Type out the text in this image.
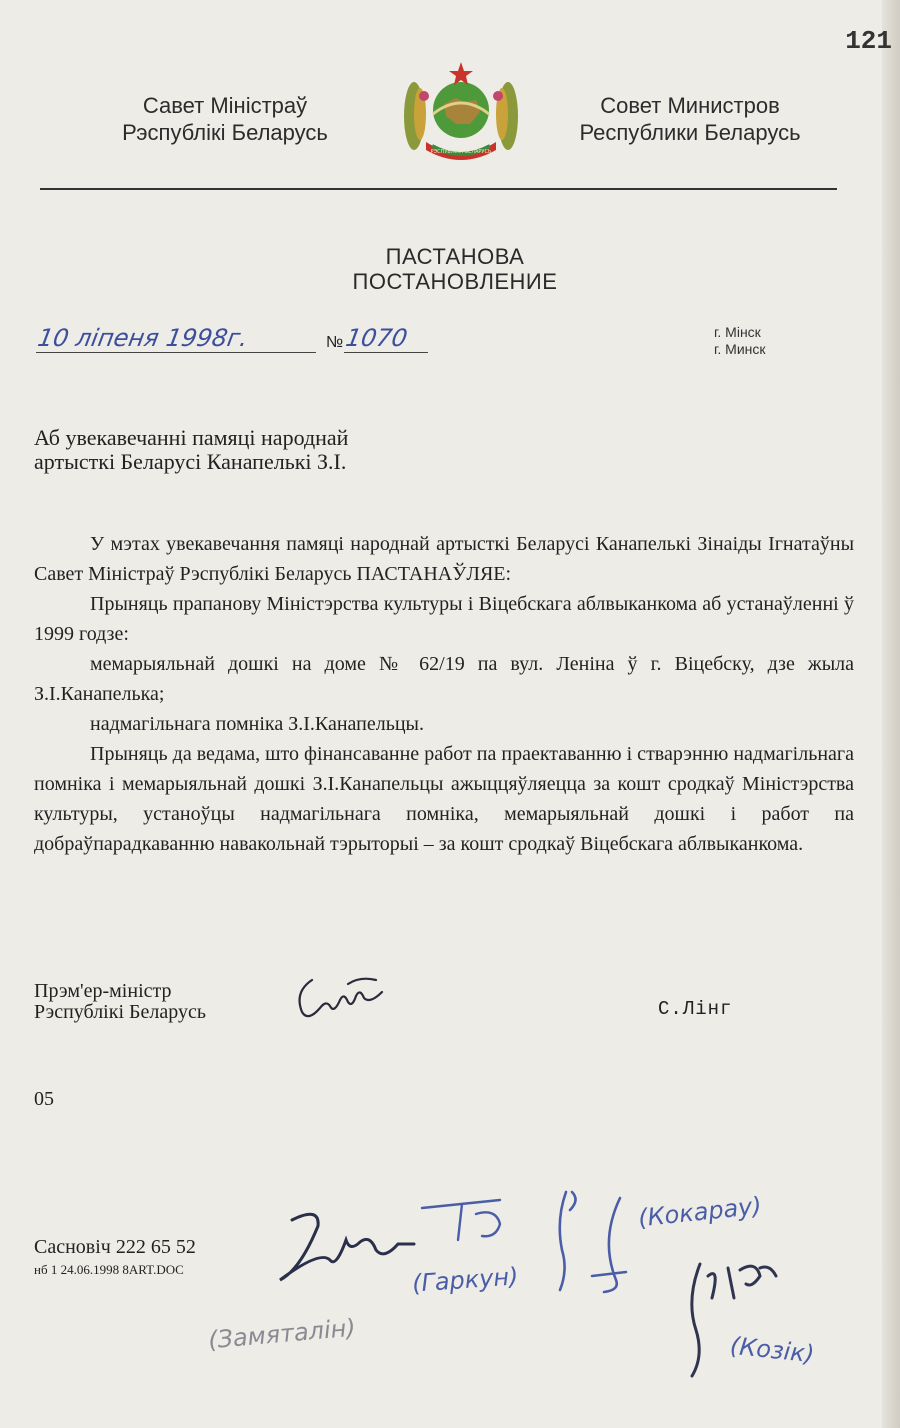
121
Савет Міністраў
Рэспублікі Беларусь
РЭСПУБЛІКА БЕЛАРУСЬ
Совет Министров
Республики Беларусь
ПАСТАНОВА
ПОСТАНОВЛЕНИЕ
10 ліпеня 1998г.	№ 1070	г. Мінск
г. Минск
Аб увекавечанні памяці народнай
артысткі Беларусі Канапелькі З.І.

У мэтах увекавечання памяці народнай артысткі Беларусі Канапелькі Зінаіды Ігнатаўны Савет Міністраў Рэспублікі Беларусь ПАСТАНАЎЛЯЕ:

Прыняць прапанову Міністэрства культуры і Віцебскага аблвыканкома аб устанаўленні ў 1999 годзе:

мемарыяльнай дошкі на доме № 62/19 па вул. Леніна ў г. Віцебску, дзе жыла З.І.Канапелька;

надмагільнага помніка З.І.Канапельцы.

Прыняць да ведама, што фінансаванне работ па праектаванню і стварэнню надмагільнага помніка і мемарыяльнай дошкі З.І.Канапельцы ажыццяўляецца за кошт сродкаў Міністэрства культуры, устаноўцы надмагільнага помніка, мемарыяльнай дошкі і работ па добраўпарадкаванню навакольнай тэрыторыі – за кошт сродкаў Віцебскага аблвыканкома.

Прэм'ер-міністр
Рэспублікі Беларусь	С.Лінг
05
Сасновіч 222 65 52
нб 1 24.06.1998 8ART.DOC	(Гаркун)
(Кокарау)
(Замяталін)	(Козік)
